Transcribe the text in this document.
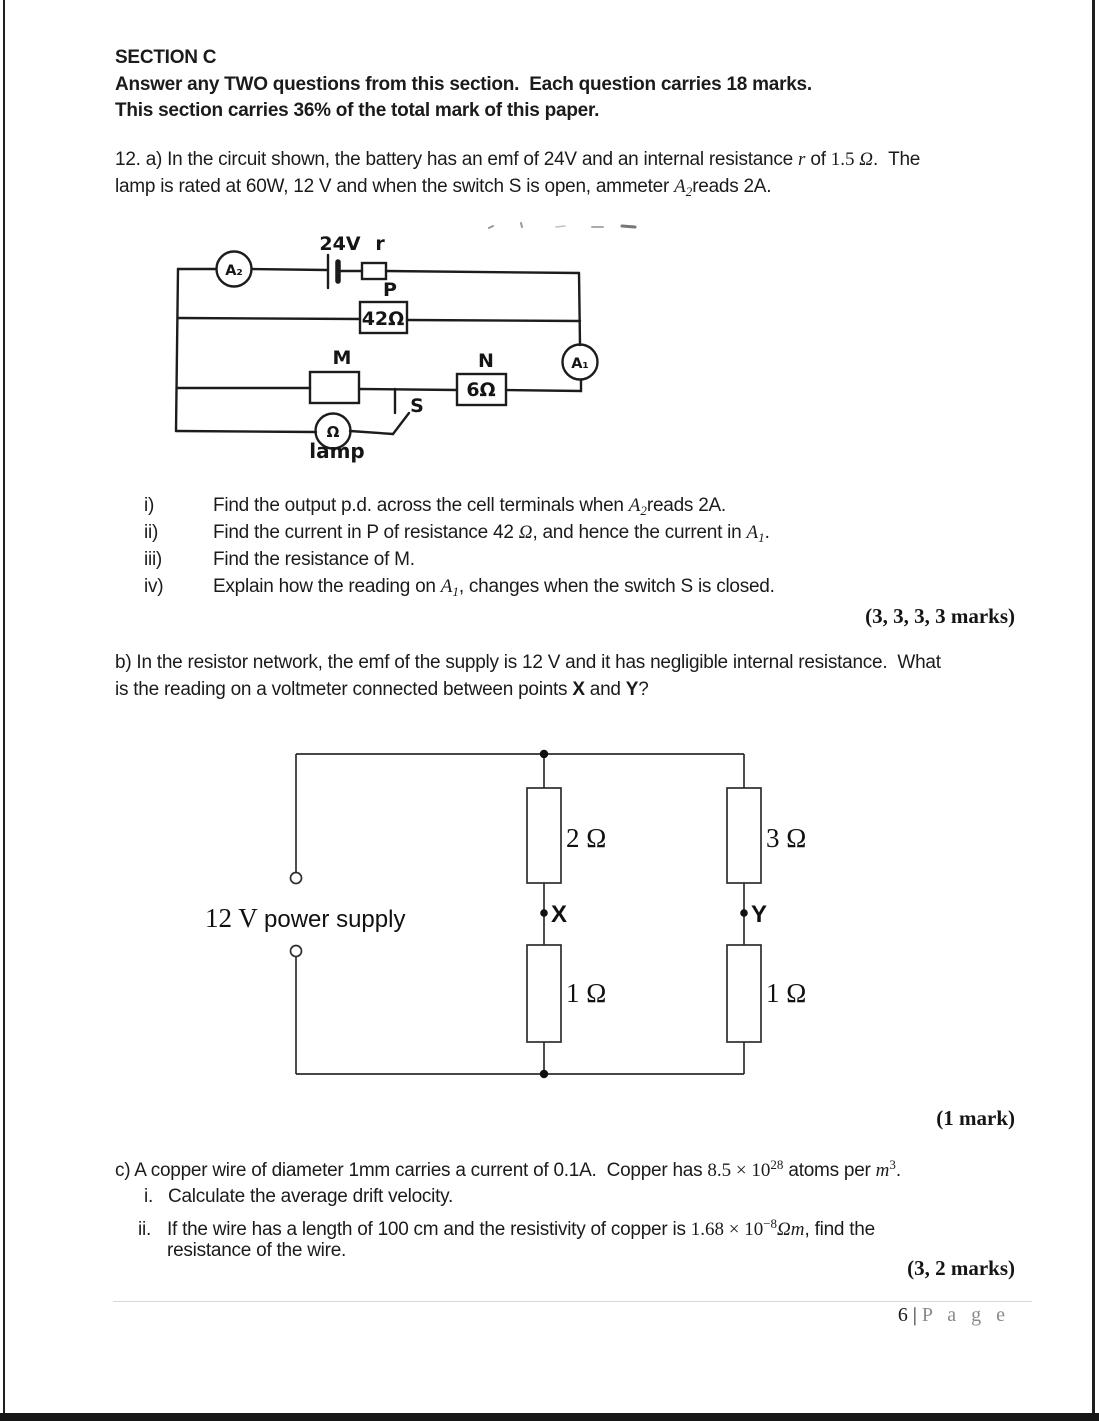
SECTION C
Answer any TWO questions from this section.  Each question carries 18 marks.
This section carries 36% of the total mark of this paper.
12. a) In the circuit shown, the battery has an emf of 24V and an internal resistance r of 1.5 Ω.  The
lamp is rated at 60W, 12 V and when the switch S is open, ammeter $A_2reads$ 2A.
24V r
P
42Ω
M	N
6Ω
S
lamp
Ω
A₂
A₁
i)	Find the output p.d. across the cell terminals when $A_2reads$ 2A.
ii)	Find the current in P of resistance 42 Ω, and hence the current in $A_1$.
iii)	Find the resistance of M.
iv)	Explain how the reading on $A_1$, changes when the switch S is closed.
(3, 3, 3, 3 marks)
b) In the resistor network, the emf of the supply is 12 V and it has negligible internal resistance.  What
is the reading on a voltmeter connected between points X and Y?
12 V power supply
2 Ω	3 Ω
1 Ω	1 Ω
X	Y
(1 mark)
c) A copper wire of diameter 1mm carries a current of 0.1A.  Copper has $8.5 \times 10^{28}$ atoms per $m^3$.
i. Calculate the average drift velocity.
ii. If the wire has a length of 100 cm and the resistivity of copper is $1.68 \times 10^{-8}\Omega m$, find the
resistance of the wire.
(3, 2 marks)
6 | P a g e
